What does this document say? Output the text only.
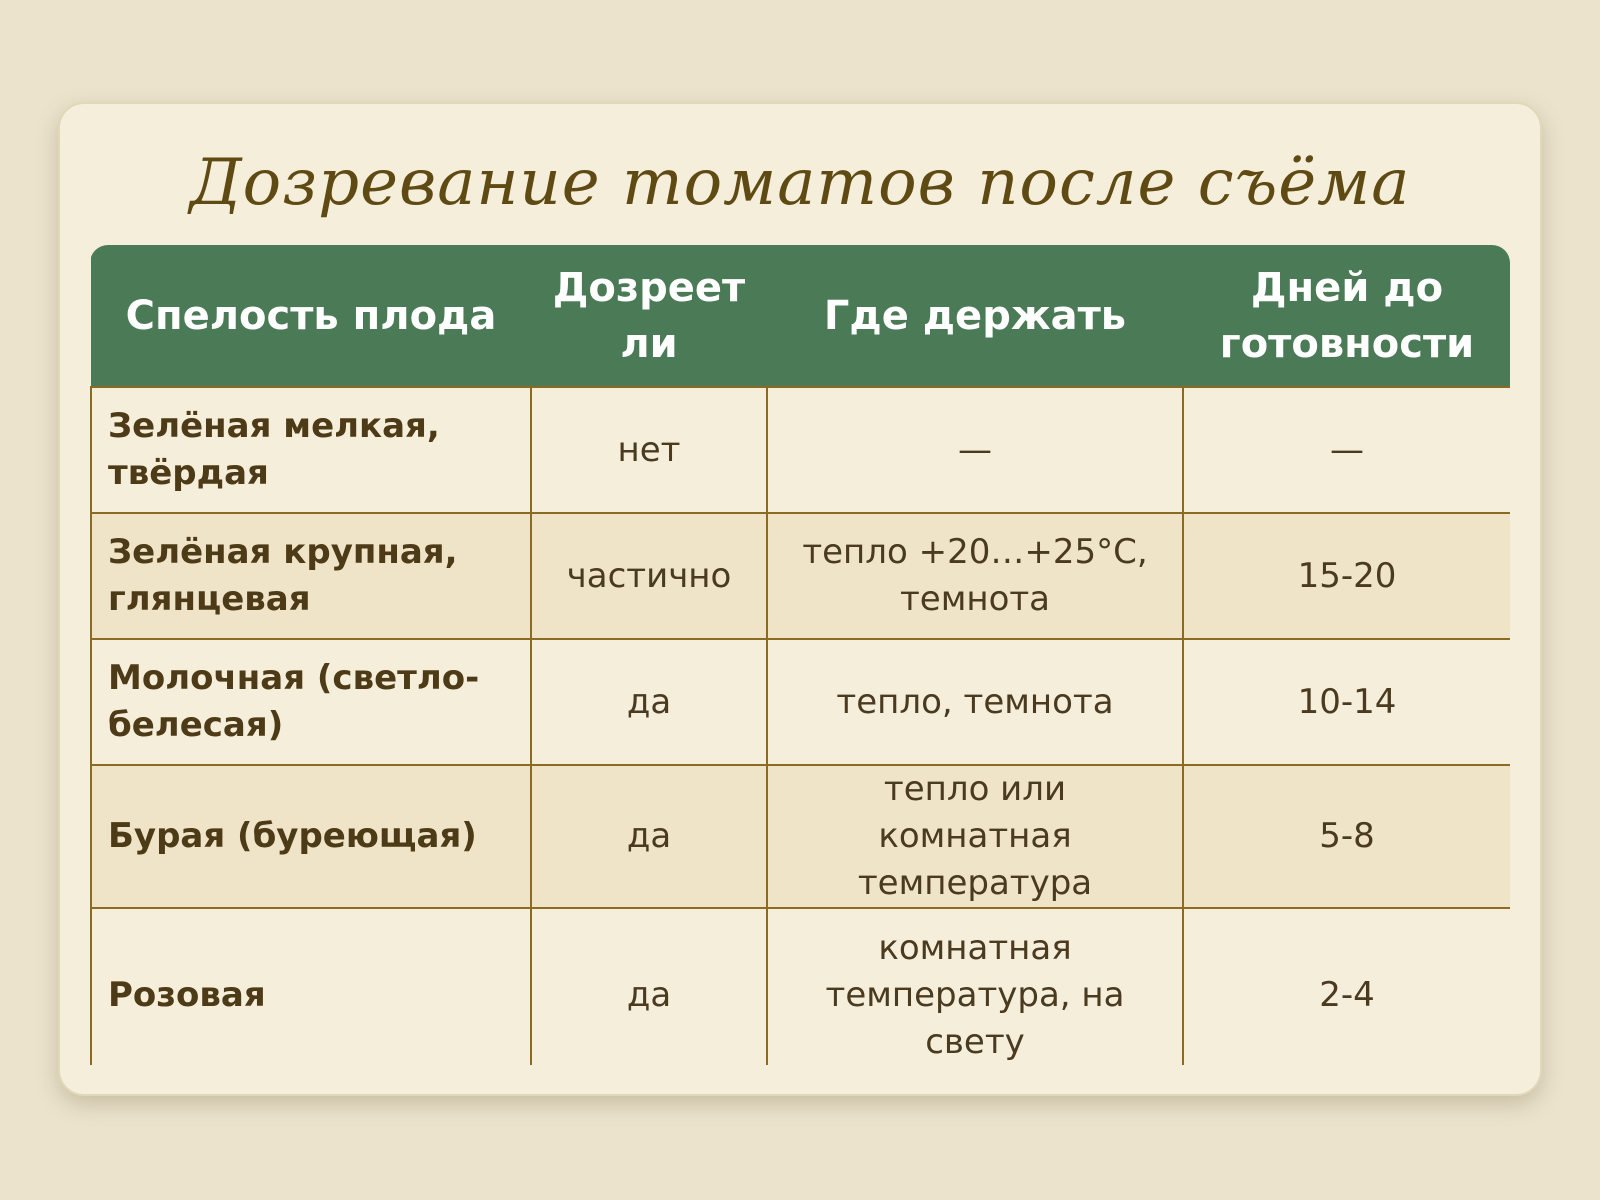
Дозревание томатов после съёма
Спелость плода	Дозреет ли	Где держать	Дней до готовности
Зелёная мелкая, твёрдая	нет	—	—
Зелёная крупная, глянцевая	частично	тепло +20…+25°C, темнота	15-20
Молочная (светло-белесая)	да	тепло, темнота	10-14
Бурая (буреющая)	да	тепло или комнатная температура	5-8
Розовая	да	комнатная температура, на свету	2-4
